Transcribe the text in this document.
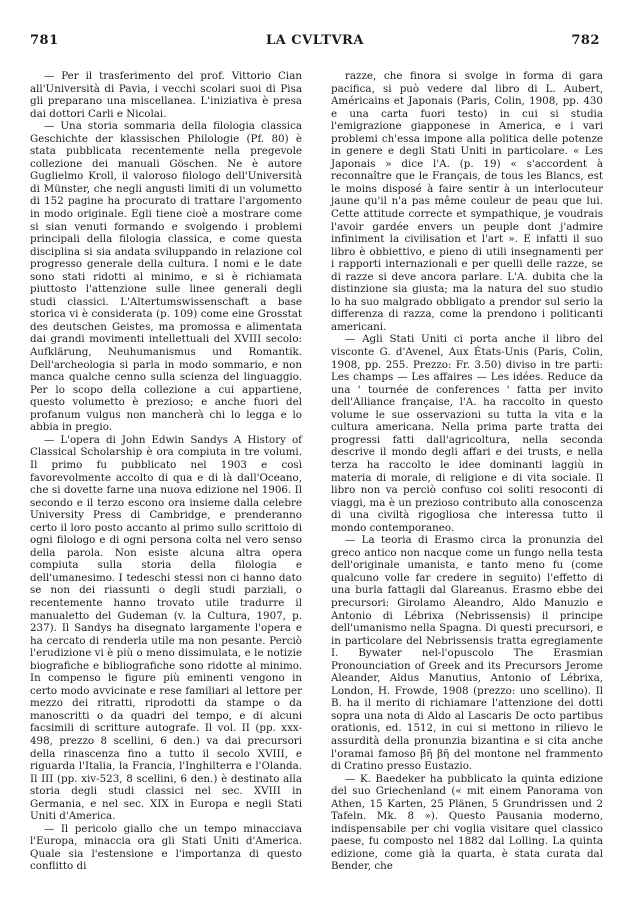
781	LA CVLTVRA	782

— Per il trasferimento del prof. Vittorio Cian all'Università di Pavia, i vecchi scolari suoi di Pisa gli preparano una miscellanea. L'iniziativa è presa dai dottori Carli e Nicolai.

— Una storia sommaria della filologia classica Geschichte der klassischen Philologie (Pf. 80) è stata pubblicata recentemente nella pregevole collezione dei manuali Göschen. Ne è autore Guglielmo Kroll, il valoroso filologo dell'Università di Münster, che negli angusti limiti di un volumetto di 152 pagine ha procurato di trattare l'argomento in modo originale. Egli tiene cioè a mostrare come si sian venuti formando e svolgendo i problemi principali della filologia classica, e come questa disciplina si sia andata sviluppando in relazione col progresso generale della cultura. I nomi e le date sono stati ridotti al minimo, e si è richiamata piuttosto l'attenzione sulle linee generali degli studi classici. L'Altertumswissenschaft a base storica vi è considerata (p. 109) come eine Grosstat des deutschen Geistes, ma promossa e alimentata dai grandi movimenti intellettuali del XVIII secolo: Aufklärung, Neuhumanismus und Romantik. Dell'archeologia si parla in modo sommario, e non manca qualche cenno sulla scienza del linguaggio. Per lo scopo della collezione a cui appartiene, questo volumetto è prezioso; e anche fuori del profanum vulgus non mancherà chi lo legga e lo abbia in pregio.

— L'opera di John Edwin Sandys A History of Classical Scholarship è ora compiuta in tre volumi. Il primo fu pubblicato nel 1903 e così favorevolmente accolto di qua e di là dall'Oceano, che si dovette farne una nuova edizione nel 1906. Il secondo e il terzo escono ora insieme dalla celebre University Press di Cambridge, e prenderanno certo il loro posto accanto al primo sullo scrittoio di ogni filologo e di ogni persona colta nel vero senso della parola. Non esiste alcuna altra opera compiuta sulla storia della filologia e dell'umanesimo. I tedeschi stessi non ci hanno dato se non dei riassunti o degli studi parziali, o recentemente hanno trovato utile tradurre il manualetto del Gudeman (v. la Cultura, 1907, p. 237). Il Sandys ha disegnato largamente l'opera e ha cercato di renderla utile ma non pesante. Perciò l'erudizione vi è più o meno dissimulata, e le notizie biografiche e bibliografiche sono ridotte al minimo. In compenso le figure più eminenti vengono in certo modo avvicinate e rese familiari al lettore per mezzo dei ritratti, riprodotti da stampe o da manoscritti o da quadri del tempo, e di alcuni facsimili di scritture autografe. Il vol. II (pp. xxx-498, prezzo 8 scellini, 6 den.) va dai precursori della rinascenza fino a tutto il secolo XVIII, e riguarda l'Italia, la Francia, l'Inghilterra e l'Olanda. Il III (pp. xiv-523, 8 scellini, 6 den.) è destinato alla storia degli studi classici nel sec. XVIII in Germania, e nel sec. XIX in Europa e negli Stati Uniti d'America.

— Il pericolo giallo che un tempo minacciava l'Europa, minaccia ora gli Stati Uniti d'America. Quale sia l'estensione e l'importanza di questo conflitto di

razze, che finora si svolge in forma di gara pacifica, si può vedere dal libro di L. Aubert, Américains et Japonais (Paris, Colin, 1908, pp. 430 e una carta fuori testo) in cui si studia l'emigrazione giapponese in America, e i vari problemi ch'essa impone alla politica delle potenze in genere e degli Stati Uniti in particolare. « Les Japonais » dice l'A. (p. 19) « s'accordent à reconnaître que le Français, de tous les Blancs, est le moins disposé à faire sentir à un interlocuteur jaune qu'il n'a pas même couleur de peau que lui. Cette attitude correcte et sympathique, je voudrais l'avoir gardée envers un peuple dont j'admire infiniment la civilisation et l'art ». E infatti il suo libro è obbiettivo, e pieno di utili insegnamenti per i rapporti internazionali e per quelli delle razze, se di razze si deve ancora parlare. L'A. dubita che la distinzione sia giusta; ma la natura del suo studio lo ha suo malgrado obbligato a prendor sul serio la differenza di razza, come la prendono i politicanti americani.

— Agli Stati Uniti ci porta anche il libro del visconte G. d'Avenel, Aux États-Unis (Paris, Colin, 1908, pp. 255. Prezzo: Fr. 3.50) diviso in tre parti: Les champs — Les affaires — Les idées. Reduce da una ' tournée de conferences ' fatta per invito dell'Alliance française, l'A. ha raccolto in questo volume le sue osservazioni su tutta la vita e la cultura americana. Nella prima parte tratta dei progressi fatti dall'agricoltura, nella seconda descrive il mondo degli affari e dei trusts, e nella terza ha raccolto le idee dominanti laggiù in materia di morale, di religione e di vita sociale. Il libro non va perciò confuso coi soliti resoconti di viaggi, ma è un prezioso contributo alla conoscenza di una civiltà rigogliosa che interessa tutto il mondo contemporaneo.

— La teoria di Erasmo circa la pronunzia del greco antico non nacque come un fungo nella testa dell'originale umanista, e tanto meno fu (come qualcuno volle far credere in seguito) l'effetto di una burla fattagli dal Glareanus. Erasmo ebbe dei precursori: Girolamo Aleandro, Aldo Manuzio e Antonio di Lébrixa (Nebrissensis) il principe dell'umanismo nella Spagna. Di questi precursori, e in particolare del Nebrissensis tratta egregiamente I. Bywater nel-l'opuscolo The Erasmian Pronounciation of Greek and its Precursors Jerome Aleander, Aldus Manutius, Antonio of Lébrixa, London, H. Frowde, 1908 (prezzo: uno scellino). Il B. ha il merito di richiamare l'attenzione dei dotti sopra una nota di Aldo al Lascaris De octo partibus orationis, ed. 1512, in cui si mettono in rilievo le assurdità della pronunzia bizantina e si cita anche l'oramai famoso βῆ βῆ del montone nel frammento di Cratino presso Eustazio.

— K. Baedeker ha pubblicato la quinta edizione del suo Griechenland (« mit einem Panorama von Athen, 15 Karten, 25 Plänen, 5 Grundrissen und 2 Tafeln. Mk. 8 »). Questo Pausania moderno, indispensabile per chi voglia visitare quel classico paese, fu composto nel 1882 dal Lolling. La quinta edizione, come già la quarta, è stata curata dal Bender, che
